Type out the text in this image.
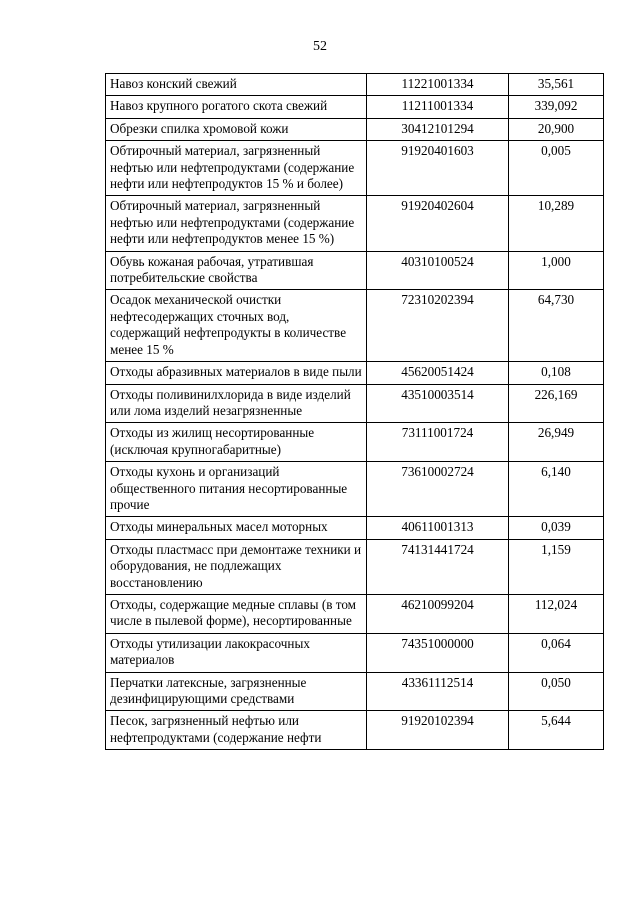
52
Навоз конский свежий	11221001334	35,561
Навоз крупного рогатого скота свежий	11211001334	339,092
Обрезки спилка хромовой кожи	30412101294	20,900
Обтирочный материал, загрязненный нефтью или нефтепродуктами (содержание нефти или нефтепродуктов 15 % и более)	91920401603	0,005
Обтирочный материал, загрязненный нефтью или нефтепродуктами (содержание нефти или нефтепродуктов менее 15 %)	91920402604	10,289
Обувь кожаная рабочая, утратившая потребительские свойства	40310100524	1,000
Осадок механической очистки нефтесодержащих сточных вод, содержащий нефтепродукты в количестве менее 15 %	72310202394	64,730
Отходы абразивных материалов в виде пыли	45620051424	0,108
Отходы поливинилхлорида в виде изделий или лома изделий незагрязненные	43510003514	226,169
Отходы из жилищ несортированные (исключая крупногабаритные)	73111001724	26,949
Отходы кухонь и организаций общественного питания несортированные прочие	73610002724	6,140
Отходы минеральных масел моторных	40611001313	0,039
Отходы пластмасс при демонтаже техники и оборудования, не подлежащих восстановлению	74131441724	1,159
Отходы, содержащие медные сплавы (в том числе в пылевой форме), несортированные	46210099204	112,024
Отходы утилизации лакокрасочных материалов	74351000000	0,064
Перчатки латексные, загрязненные дезинфицирующими средствами	43361112514	0,050
Песок, загрязненный нефтью или нефтепродуктами (содержание нефти	91920102394	5,644
